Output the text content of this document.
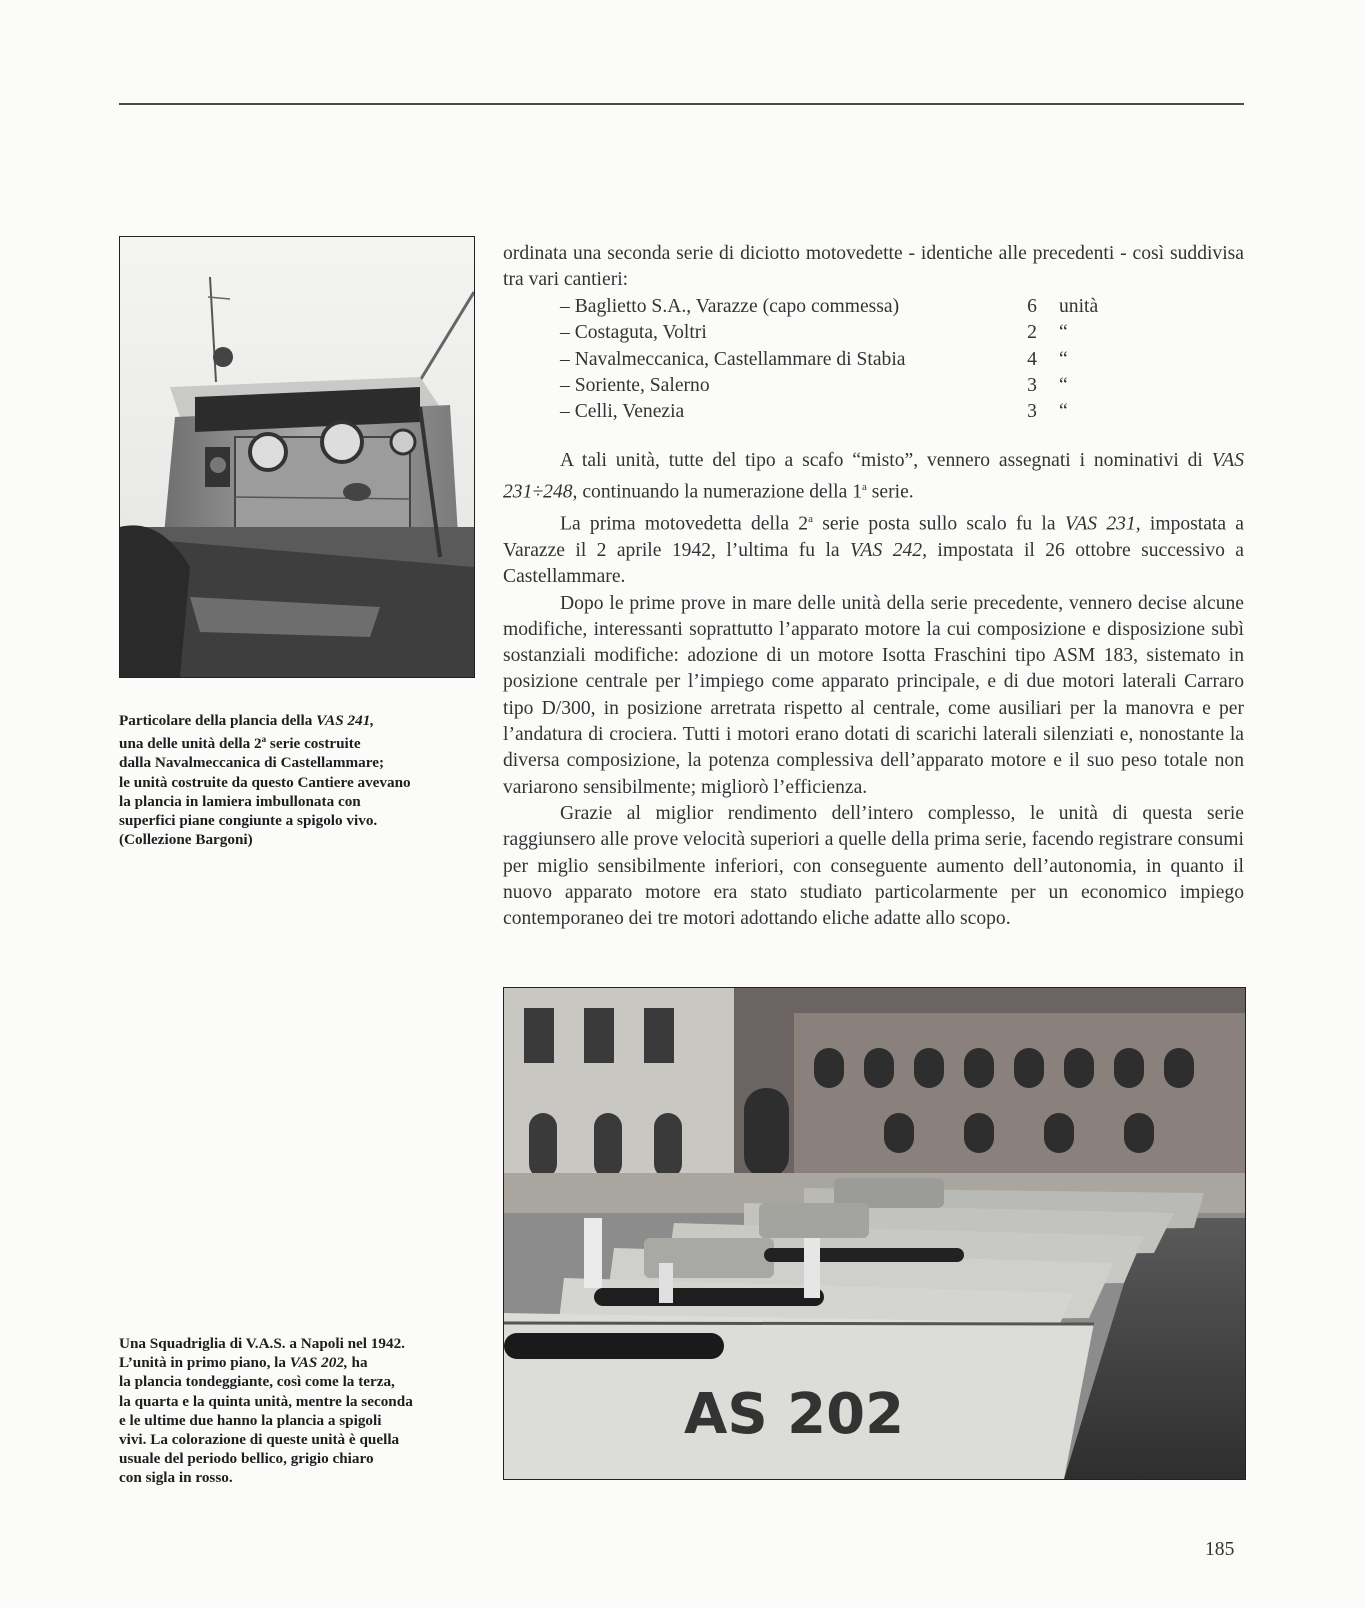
Particolare della plancia della VAS 241,
una delle unità della 2$^a$ serie costruite
dalla Navalmeccanica di Castellammare;
le unità costruite da questo Cantiere avevano
la plancia in lamiera imbullonata con
superfici piane congiunte a spigolo vivo.
(Collezione Bargoni)

ordinata una seconda serie di diciotto motovedette - identiche alle precedenti - così suddivisa tra vari cantieri:

– Baglietto S.A., Varazze (capo commessa)	6 unità
– Costaguta, Voltri	2 “
– Navalmeccanica, Castellammare di Stabia	4 “
– Soriente, Salerno	3 “
– Celli, Venezia	3 “

A tali unità, tutte del tipo a scafo “misto”, vennero assegnati i nominativi di VAS 231÷248, continuando la numerazione della 1$^a$ serie.

La prima motovedetta della 2$^a$ serie posta sullo scalo fu la VAS 231, impostata a Varazze il 2 aprile 1942, l’ultima fu la VAS 242, impostata il 26 ottobre successivo a Castellammare.

Dopo le prime prove in mare delle unità della serie precedente, vennero decise alcune modifiche, interessanti soprattutto l’apparato motore la cui composizione e disposizione subì sostanziali modifiche: adozione di un motore Isotta Fraschini tipo ASM 183, sistemato in posizione centrale per l’impiego come apparato principale, e di due motori laterali Carraro tipo D/300, in posizione arretrata rispetto al centrale, come ausiliari per la manovra e per l’andatura di crociera. Tutti i motori erano dotati di scarichi laterali silenziati e, nonostante la diversa composizione, la potenza complessiva dell’apparato motore e il suo peso totale non variarono sensibilmente; migliorò l’efficienza.

Grazie al miglior rendimento dell’intero complesso, le unità di questa serie raggiunsero alle prove velocità superiori a quelle della prima serie, facendo registrare consumi per miglio sensibilmente inferiori, con conseguente aumento dell’autonomia, in quanto il nuovo apparato motore era stato studiato particolarmente per un economico impiego contemporaneo dei tre motori adottando eliche adatte allo scopo.

AS 202
Una Squadriglia di V.A.S. a Napoli nel 1942.
L’unità in primo piano, la VAS 202, ha
la plancia tondeggiante, così come la terza,
la quarta e la quinta unità, mentre la seconda
e le ultime due hanno la plancia a spigoli
vivi. La colorazione di queste unità è quella
usuale del periodo bellico, grigio chiaro
con sigla in rosso.
185
